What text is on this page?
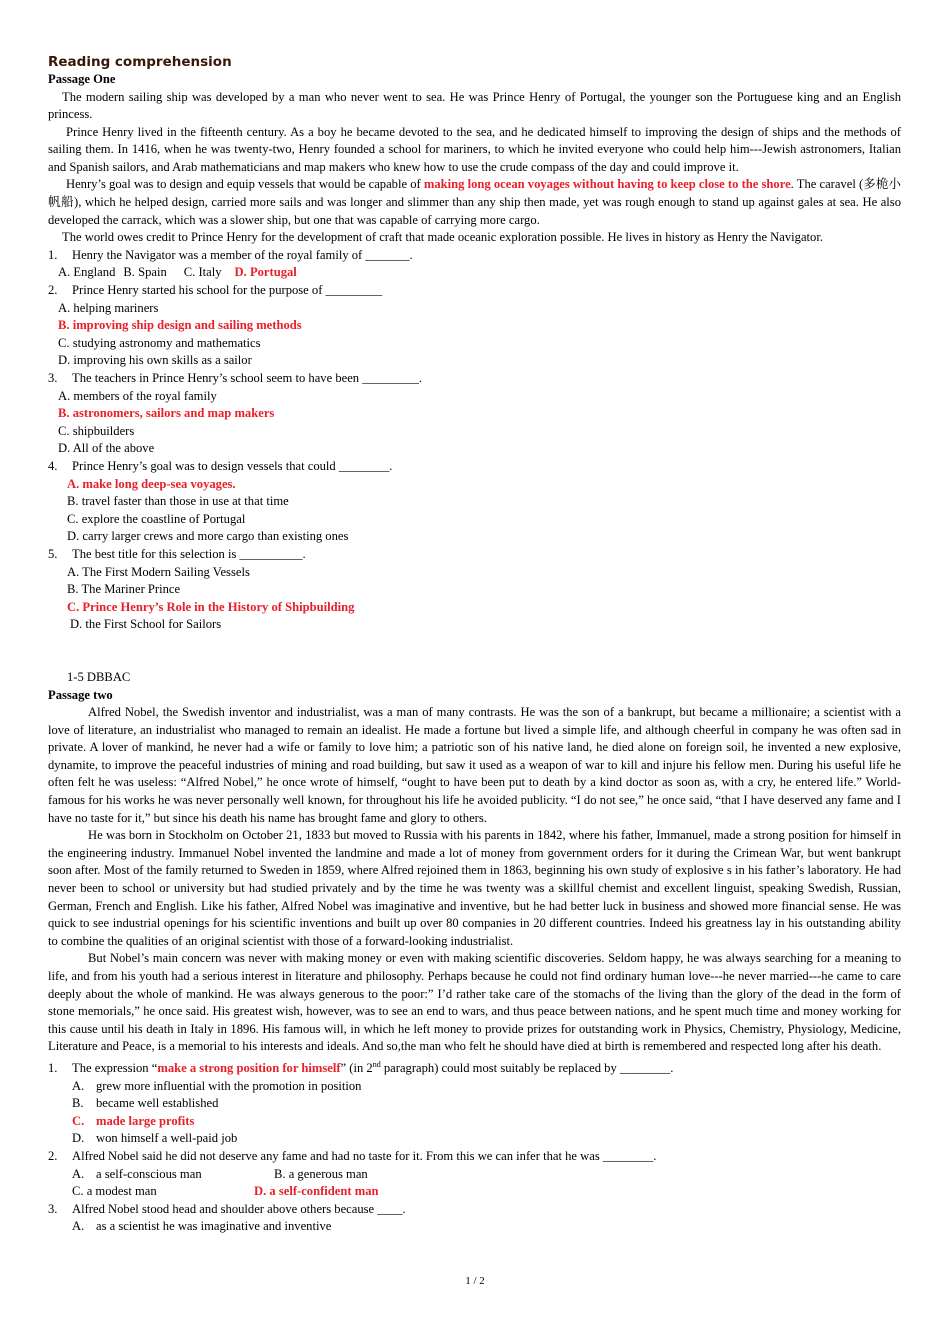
Reading comprehension
Passage One

The modern sailing ship was developed by a man who never went to sea. He was Prince Henry of Portugal, the younger son the Portuguese king and an English princess.

Prince Henry lived in the fifteenth century. As a boy he became devoted to the sea, and he dedicated himself to improving the design of ships and the methods of sailing them. In 1416, when he was twenty-two, Henry founded a school for mariners, to which he invited everyone who could help him---Jewish astronomers, Italian and Spanish sailors, and Arab mathematicians and map makers who knew how to use the crude compass of the day and could improve it.

Henry’s goal was to design and equip vessels that would be capable of making long ocean voyages without having to keep close to the shore. The caravel (多桅小帆船), which he helped design, carried more sails and was longer and slimmer than any ship then made, yet was rough enough to stand up against gales at sea. He also developed the carrack, which was a slower ship, but one that was capable of carrying more cargo.

The world owes credit to Prince Henry for the development of craft that made oceanic exploration possible. He lives in history as Henry the Navigator.

1. Henry the Navigator was a member of the royal family of _______.
A. England B. Spain C. Italy D. Portugal
2. Prince Henry started his school for the purpose of _________
A. helping mariners
B. improving ship design and sailing methods
C. studying astronomy and mathematics
D. improving his own skills as a sailor
3. The teachers in Prince Henry’s school seem to have been _________.
A. members of the royal family
B. astronomers, sailors and map makers
C. shipbuilders
D. All of the above
4. Prince Henry’s goal was to design vessels that could ________.
A. make long deep-sea voyages.
B. travel faster than those in use at that time
C. explore the coastline of Portugal
D. carry larger crews and more cargo than existing ones
5. The best title for this selection is __________.
A. The First Modern Sailing Vessels
B. The Mariner Prince
C. Prince Henry’s Role in the History of Shipbuilding
D. the First School for Sailors
1-5 DBBAC
Passage two

Alfred Nobel, the Swedish inventor and industrialist, was a man of many contrasts. He was the son of a bankrupt, but became a millionaire; a scientist with a love of literature, an industrialist who managed to remain an idealist. He made a fortune but lived a simple life, and although cheerful in company he was often sad in private. A lover of mankind, he never had a wife or family to love him; a patriotic son of his native land, he died alone on foreign soil, he invented a new explosive, dynamite, to improve the peaceful industries of mining and road building, but saw it used as a weapon of war to kill and injure his fellow men. During his useful life he often felt he was useless: “Alfred Nobel,” he once wrote of himself, “ought to have been put to death by a kind doctor as soon as, with a cry, he entered life.” World-famous for his works he was never personally well known, for throughout his life he avoided publicity. “I do not see,” he once said, “that I have deserved any fame and I have no taste for it,” but since his death his name has brought fame and glory to others.

He was born in Stockholm on October 21, 1833 but moved to Russia with his parents in 1842, where his father, Immanuel, made a strong position for himself in the engineering industry. Immanuel Nobel invented the landmine and made a lot of money from government orders for it during the Crimean War, but went bankrupt soon after. Most of the family returned to Sweden in 1859, where Alfred rejoined them in 1863, beginning his own study of explosive s in his father’s laboratory. He had never been to school or university but had studied privately and by the time he was twenty was a skillful chemist and excellent linguist, speaking Swedish, Russian, German, French and English. Like his father, Alfred Nobel was imaginative and inventive, but he had better luck in business and showed more financial sense. He was quick to see industrial openings for his scientific inventions and built up over 80 companies in 20 different countries. Indeed his greatness lay in his outstanding ability to combine the qualities of an original scientist with those of a forward-looking industrialist.

But Nobel’s main concern was never with making money or even with making scientific discoveries. Seldom happy, he was always searching for a meaning to life, and from his youth had a serious interest in literature and philosophy. Perhaps because he could not find ordinary human love---he never married---he came to care deeply about the whole of mankind. He was always generous to the poor:” I’d rather take care of the stomachs of the living than the glory of the dead in the form of stone memorials,” he once said. His greatest wish, however, was to see an end to wars, and thus peace between nations, and he spent much time and money working for this cause until his death in Italy in 1896. His famous will, in which he left money to provide prizes for outstanding work in Physics, Chemistry, Physiology, Medicine, Literature and Peace, is a memorial to his interests and ideals. And so,the man who felt he should have died at birth is remembered and respected long after his death.

1. The expression “make a strong position for himself” (in 2nd paragraph) could most suitably be replaced by ________.
A. grew more influential with the promotion in position
B. became well established
C. made large profits
D. won himself a well-paid job
2. Alfred Nobel said he did not deserve any fame and had no taste for it. From this we can infer that he was ________.
A. a self-conscious man	B. a generous man
C. a modest man	D. a self-confident man
3. Alfred Nobel stood head and shoulder above others because ____.
A. as a scientist he was imaginative and inventive
1 / 2
